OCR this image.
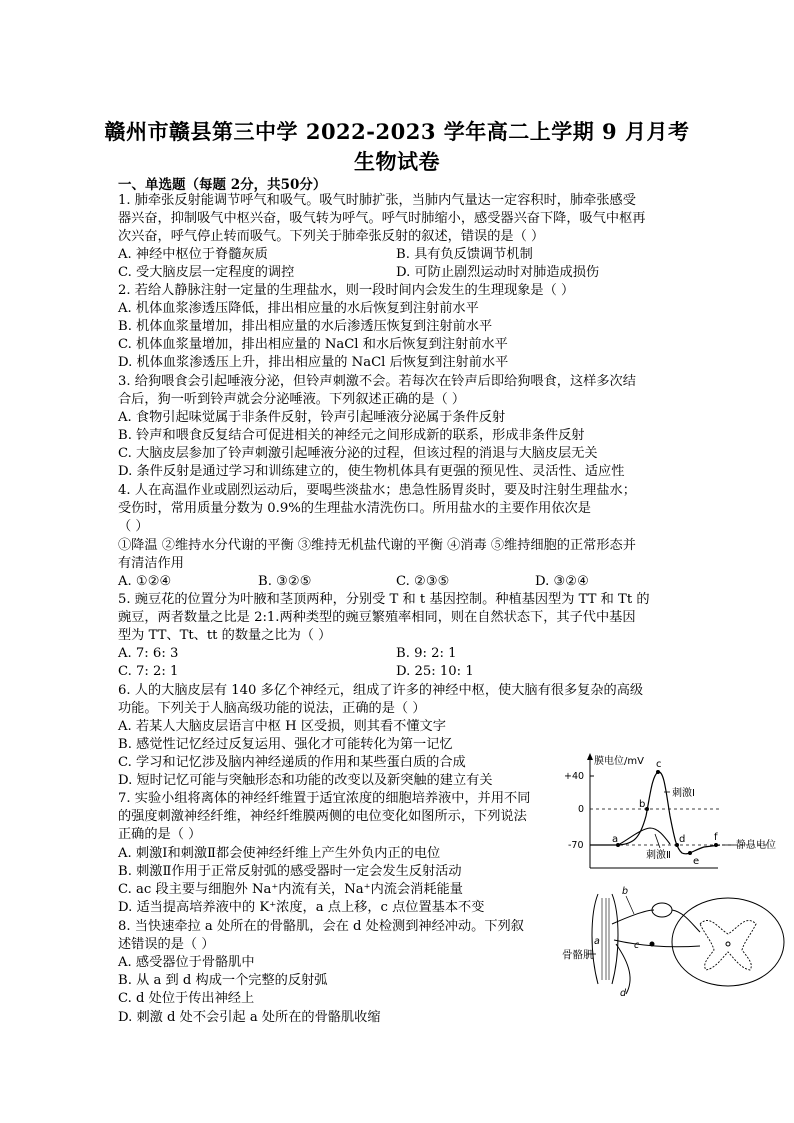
赣州市赣县第三中学 2022-2023 学年高二上学期 9 月月考
生物试卷
一、单选题（每题 2分，共50分）
1. 肺牵张反射能调节呼气和吸气。吸气时肺扩张，当肺内气量达一定容积时，肺牵张感受
器兴奋，抑制吸气中枢兴奋，吸气转为呼气。呼气时肺缩小，感受器兴奋下降，吸气中枢再
次兴奋，呼气停止转而吸气。下列关于肺牵张反射的叙述，错误的是（ ）
A. 神经中枢位于脊髓灰质	B. 具有负反馈调节机制
C. 受大脑皮层一定程度的调控	D. 可防止剧烈运动时对肺造成损伤
2. 若给人静脉注射一定量的生理盐水，则一段时间内会发生的生理现象是（ ）
A. 机体血浆渗透压降低，排出相应量的水后恢复到注射前水平
B. 机体血浆量增加，排出相应量的水后渗透压恢复到注射前水平
C. 机体血浆量增加，排出相应量的 NaCl 和水后恢复到注射前水平
D. 机体血浆渗透压上升，排出相应量的 NaCl 后恢复到注射前水平
3. 给狗喂食会引起唾液分泌，但铃声刺激不会。若每次在铃声后即给狗喂食，这样多次结
合后，狗一听到铃声就会分泌唾液。下列叙述正确的是（ ）
A. 食物引起味觉属于非条件反射，铃声引起唾液分泌属于条件反射
B. 铃声和喂食反复结合可促进相关的神经元之间形成新的联系，形成非条件反射
C. 大脑皮层参加了铃声刺激引起唾液分泌的过程，但该过程的消退与大脑皮层无关
D. 条件反射是通过学习和训练建立的，使生物机体具有更强的预见性、灵活性、适应性
4. 人在高温作业或剧烈运动后，要喝些淡盐水；患急性肠胃炎时，要及时注射生理盐水；
受伤时，常用质量分数为 0.9%的生理盐水清洗伤口。所用盐水的主要作用依次是
（ ）
①降温 ②维持水分代谢的平衡 ③维持无机盐代谢的平衡 ④消毒 ⑤维持细胞的正常形态并
有清洁作用
A. ①②④	B. ③②⑤	C. ②③⑤	D. ③②④
5. 豌豆花的位置分为叶腋和茎顶两种，分别受 T 和 t 基因控制。种植基因型为 TT 和 Tt 的
豌豆，两者数量之比是 2:1.两种类型的豌豆繁殖率相同，则在自然状态下，其子代中基因
型为 TT、Tt、tt 的数量之比为（ ）
A. 7: 6: 3	B. 9: 2: 1
C. 7: 2: 1	D. 25: 10: 1
6. 人的大脑皮层有 140 多亿个神经元，组成了许多的神经中枢，使大脑有很多复杂的高级
功能。下列关于人脑高级功能的说法，正确的是（ ）
A. 若某人大脑皮层语言中枢 H 区受损，则其看不懂文字
B. 感觉性记忆经过反复运用、强化才可能转化为第一记忆
C. 学习和记忆涉及脑内神经递质的作用和某些蛋白质的合成
D. 短时记忆可能与突触形态和功能的改变以及新突触的建立有关
7. 实验小组将离体的神经纤维置于适宜浓度的细胞培养液中，并用不同
的强度刺激神经纤维，神经纤维膜两侧的电位变化如图所示，下列说法
正确的是（ ）
A. 刺激Ⅰ和刺激Ⅱ都会使神经纤维上产生外负内正的电位
B. 刺激Ⅱ作用于正常反射弧的感受器时一定会发生反射活动
C. ac 段主要与细胞外 Na⁺内流有关，Na⁺内流会消耗能量
D. 适当提高培养液中的 K⁺浓度，a 点上移，c 点位置基本不变
8. 当快速牵拉 a 处所在的骨骼肌，会在 d 处检测到神经冲动。下列叙
述错误的是（ ）
A. 感受器位于骨骼肌中
B. 从 a 到 d 构成一个完整的反射弧
C. d 处位于传出神经上
D. 刺激 d 处不会引起 a 处所在的骨骼肌收缩
膜电位/mV
+40
0
-70
a
b
c
d
e
f
刺激Ⅰ
刺激Ⅱ
静息电位
骨骼肌
a
b
c
d
